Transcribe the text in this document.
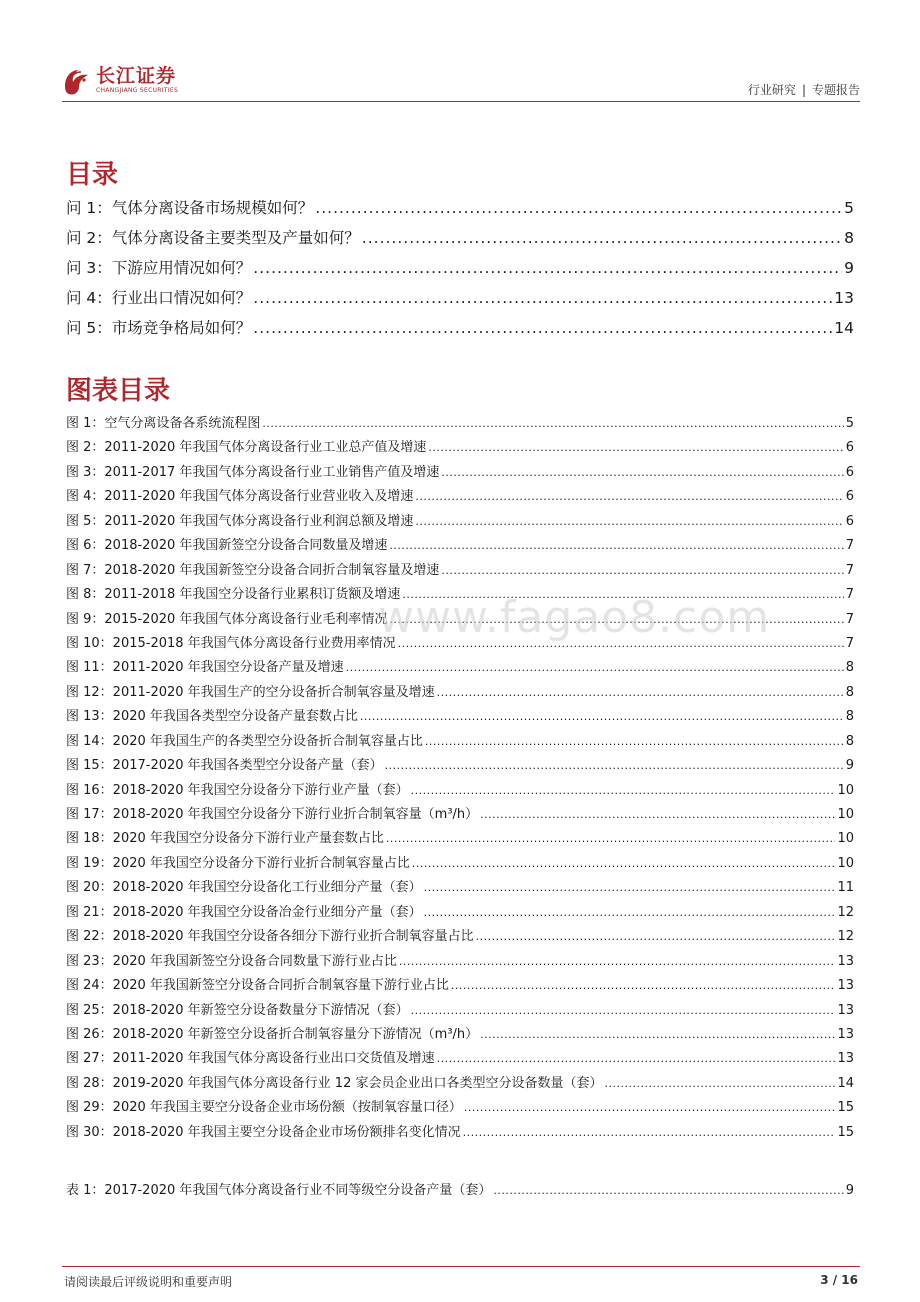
长江证券
CHANGJIANG SECURITIES	行业研究 | 专题报告
目录
问 1：气体分离设备市场规模如何？ .....	5
问 2：气体分离设备主要类型及产量如何？ .....	8
问 3：下游应用情况如何？ .....	9
问 4：行业出口情况如何？ .....	13
问 5：市场竞争格局如何？ .....	14
图表目录
图 1：空气分离设备各系统流程图 .....	5
图 2：2011-2020 年我国气体分离设备行业工业总产值及增速 .....	6
图 3：2011-2017 年我国气体分离设备行业工业销售产值及增速 .....	6
图 4：2011-2020 年我国气体分离设备行业营业收入及增速 .....	6
图 5：2011-2020 年我国气体分离设备行业利润总额及增速 .....	6
图 6：2018-2020 年我国新签空分设备合同数量及增速 .....	7
图 7：2018-2020 年我国新签空分设备合同折合制氧容量及增速 .....	7
图 8：2011-2018 年我国空分设备行业累积订货额及增速 .....	7
图 9：2015-2020 年我国气体分离设备行业毛利率情况 .....	7
图 10：2015-2018 年我国气体分离设备行业费用率情况 .....	7
图 11：2011-2020 年我国空分设备产量及增速 .....	8
图 12：2011-2020 年我国生产的空分设备折合制氧容量及增速 .....	8
图 13：2020 年我国各类型空分设备产量套数占比 .....	8
图 14：2020 年我国生产的各类型空分设备折合制氧容量占比 .....	8
图 15：2017-2020 年我国各类型空分设备产量（套） .....	9
图 16：2018-2020 年我国空分设备分下游行业产量（套） .....	10
图 17：2018-2020 年我国空分设备分下游行业折合制氧容量（m³/h） .....	10
图 18：2020 年我国空分设备分下游行业产量套数占比 .....	10
图 19：2020 年我国空分设备分下游行业折合制氧容量占比 .....	10
图 20：2018-2020 年我国空分设备化工行业细分产量（套） .....	11
图 21：2018-2020 年我国空分设备冶金行业细分产量（套） .....	12
图 22：2018-2020 年我国空分设备各细分下游行业折合制氧容量占比 .....	12
图 23：2020 年我国新签空分设备合同数量下游行业占比 .....	13
图 24：2020 年我国新签空分设备合同折合制氧容量下游行业占比 .....	13
图 25：2018-2020 年新签空分设备数量分下游情况（套） .....	13
图 26：2018-2020 年新签空分设备折合制氧容量分下游情况（m³/h） .....	13
图 27：2011-2020 年我国气体分离设备行业出口交货值及增速 .....	13
图 28：2019-2020 年我国气体分离设备行业 12 家会员企业出口各类型空分设备数量（套） .....	14
图 29：2020 年我国主要空分设备企业市场份额（按制氧容量口径） .....	15
图 30：2018-2020 年我国主要空分设备企业市场份额排名变化情况 .....	15
表 1：2017-2020 年我国气体分离设备行业不同等级空分设备产量（套） .....	9
www.fagao8.com
请阅读最后评级说明和重要声明	3 / 16
